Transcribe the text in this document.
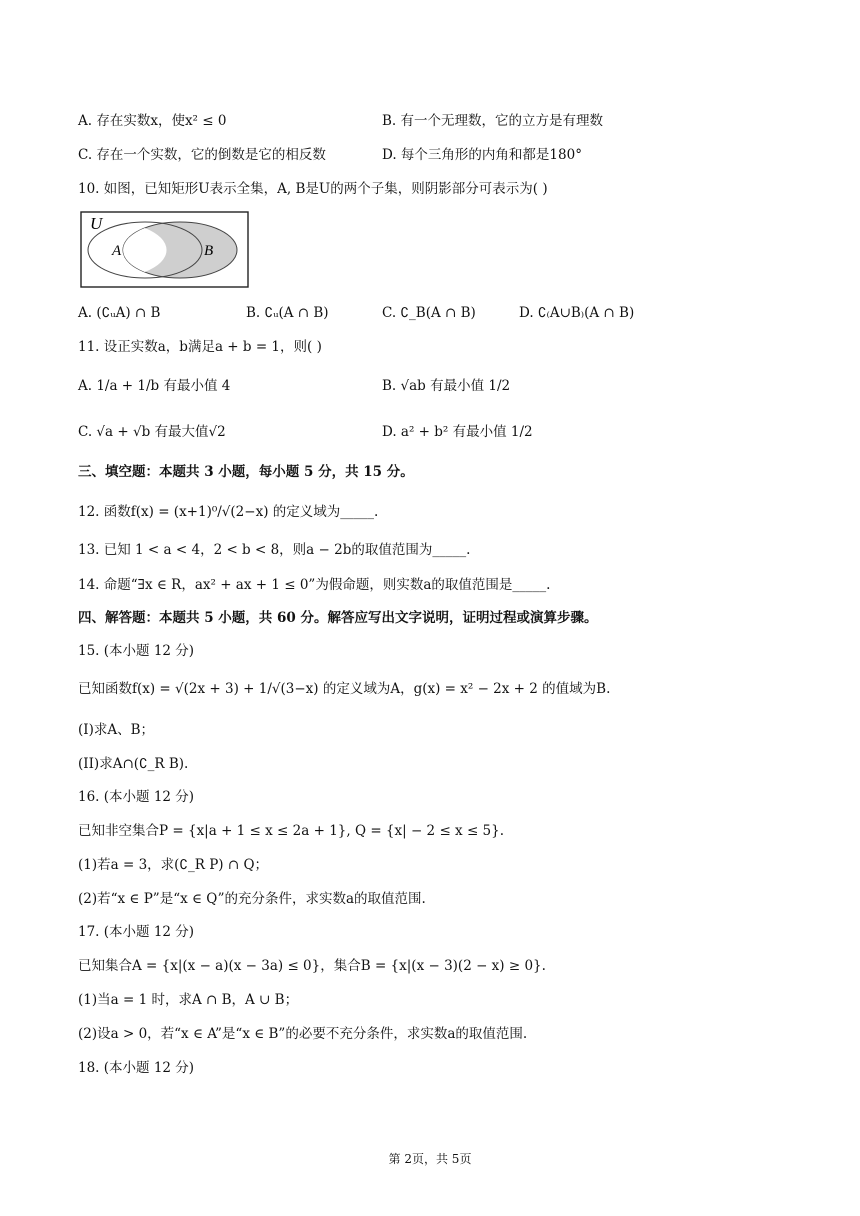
A. 存在实数x，使x² ≤ 0	B. 有一个无理数，它的立方是有理数
C. 存在一个实数，它的倒数是它的相反数	D. 每个三角形的内角和都是180°
10. 如图，已知矩形U表示全集，A, B是U的两个子集，则阴影部分可表示为( )
U
A	B
A. (∁ᵤA) ∩ B	B. ∁ᵤ(A ∩ B)	C. ∁_B(A ∩ B)	D. ∁₍A∪B₎(A ∩ B)
11. 设正实数a，b满足a + b = 1，则( )
A. 1/a + 1/b 有最小值 4	B. √ab 有最小值 1/2
C. √a + √b 有最大值√2	D. a² + b² 有最小值 1/2
三、填空题：本题共 3 小题，每小题 5 分，共 15 分。
12. 函数f(x) = (x+1)⁰/√(2−x) 的定义域为_____.
13. 已知 1 < a < 4，2 < b < 8，则a − 2b的取值范围为_____.
14. 命题“∃x ∈ R，ax² + ax + 1 ≤ 0”为假命题，则实数a的取值范围是_____.
四、解答题：本题共 5 小题，共 60 分。解答应写出文字说明，证明过程或演算步骤。
15. (本小题 12 分)
已知函数f(x) = √(2x + 3) + 1/√(3−x) 的定义域为A，g(x) = x² − 2x + 2 的值域为B.
(I)求A、B；
(II)求A∩(∁_R B).
16. (本小题 12 分)
已知非空集合P = {x|a + 1 ≤ x ≤ 2a + 1}, Q = {x| − 2 ≤ x ≤ 5}.
(1)若a = 3，求(∁_R P) ∩ Q；
(2)若“x ∈ P”是“x ∈ Q”的充分条件，求实数a的取值范围.
17. (本小题 12 分)
已知集合A = {x|(x − a)(x − 3a) ≤ 0}，集合B = {x|(x − 3)(2 − x) ≥ 0}.
(1)当a = 1 时，求A ∩ B，A ∪ B；
(2)设a > 0，若“x ∈ A”是“x ∈ B”的必要不充分条件，求实数a的取值范围.
18. (本小题 12 分)
第 2页，共 5页
